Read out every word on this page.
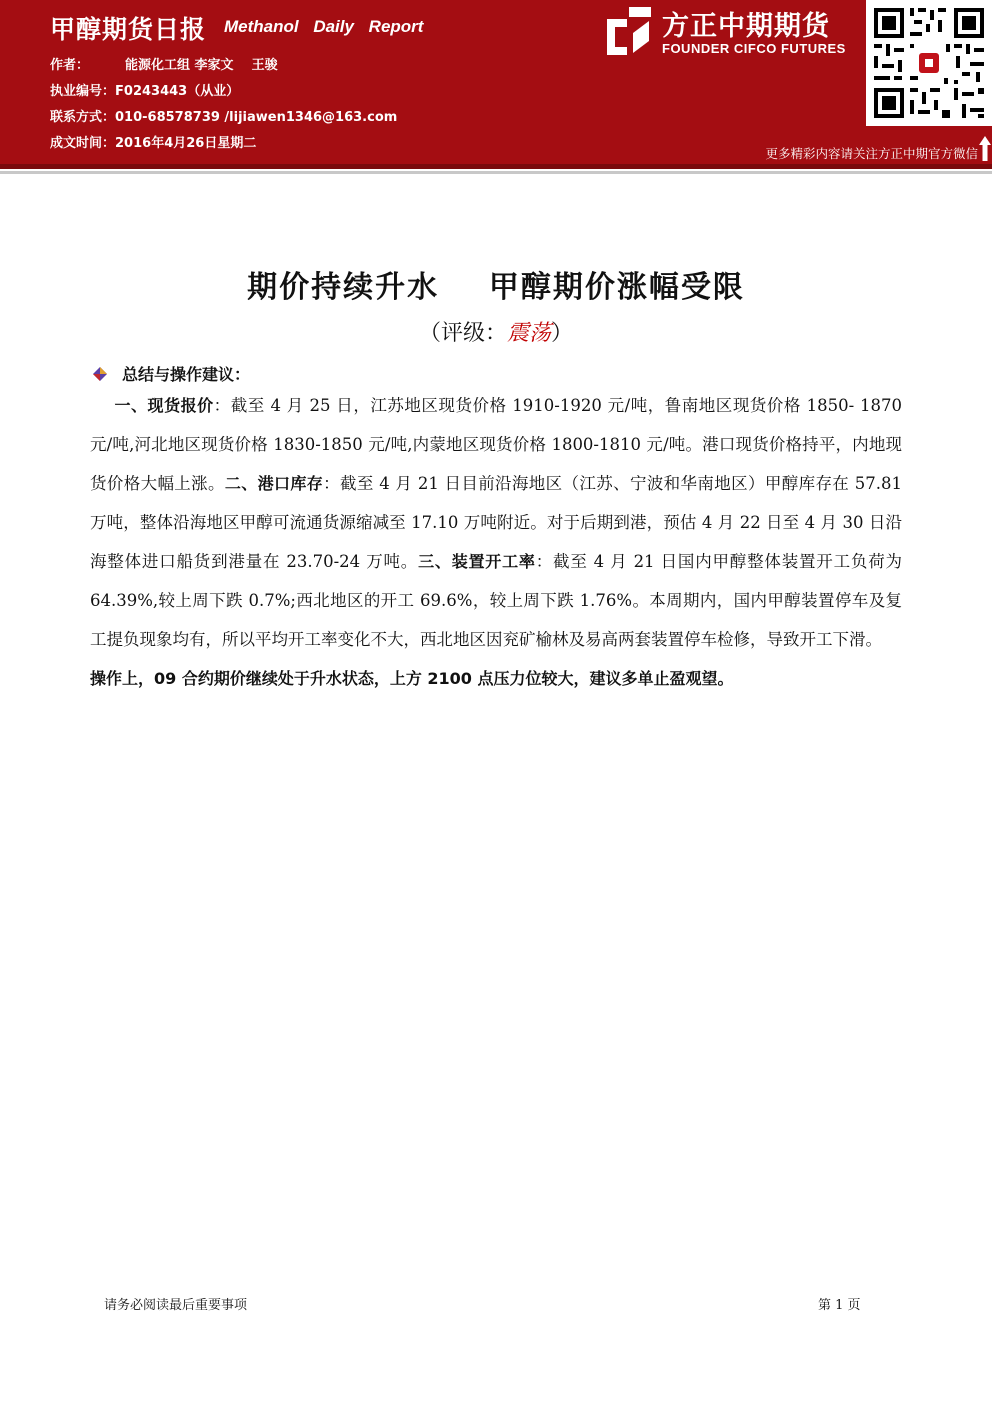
甲醇期货日报 Methanol Daily Report
作者：	能源化工组 李家文    王骏
执业编号：F0243443（从业）
联系方式：010-68578739 /lijiawen1346@163.com
成文时间：2016年4月26日星期二
方正中期期货
FOUNDER CIFCO FUTURES
更多精彩内容请关注方正中期官方微信
期价持续升水    甲醇期价涨幅受限
（评级：震荡）
总结与操作建议：
一、现货报价：截至 4 月 25 日，江苏地区现货价格 1910-1920 元/吨，鲁南地区现货价格 1850- 1870 元/吨,河北地区现货价格 1830-1850 元/吨,内蒙地区现货价格 1800-1810 元/吨。港口现货价格持平，内地现货价格大幅上涨。二、港口库存：截至 4 月 21 日目前沿海地区（江苏、宁波和华南地区）甲醇库存在 57.81 万吨，整体沿海地区甲醇可流通货源缩减至 17.10 万吨附近。对于后期到港，预估 4 月 22 日至 4 月 30 日沿海整体进口船货到港量在 23.70-24 万吨。三、装置开工率：截至 4 月 21 日国内甲醇整体装置开工负荷为 64.39%,较上周下跌 0.7%;西北地区的开工 69.6%，较上周下跌 1.76%。本周期内，国内甲醇装置停车及复工提负现象均有，所以平均开工率变化不大，西北地区因兖矿榆林及易高两套装置停车检修，导致开工下滑。
操作上，09 合约期价继续处于升水状态，上方 2100 点压力位较大，建议多单止盈观望。
请务必阅读最后重要事项	第 1 页
